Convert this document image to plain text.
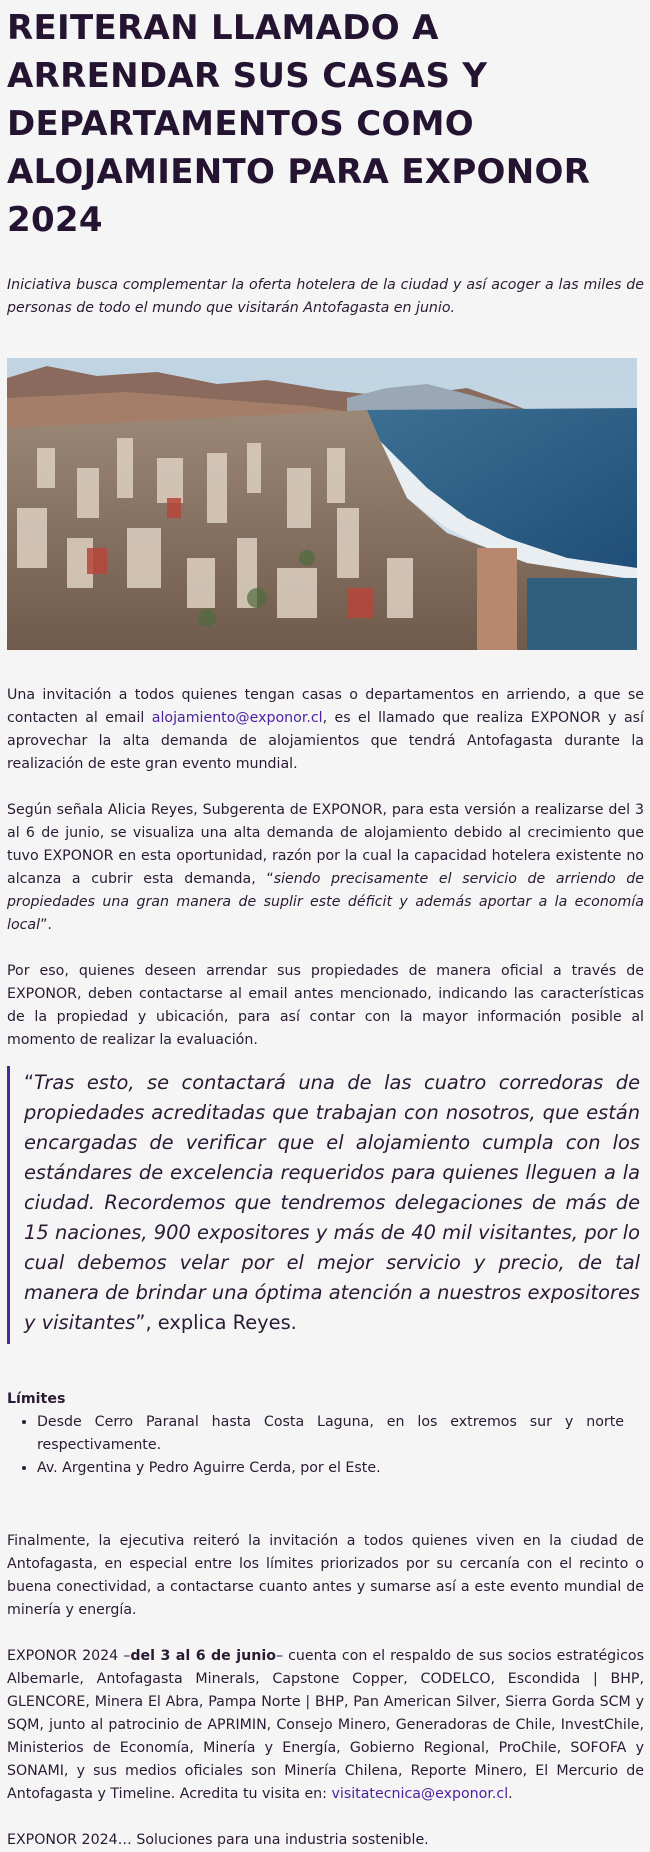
REITERAN LLAMADO A ARRENDAR SUS CASAS Y DEPARTAMENTOS COMO ALOJAMIENTO PARA EXPONOR 2024

Iniciativa busca complementar la oferta hotelera de la ciudad y así acoger a las miles de personas de todo el mundo que visitarán Antofagasta en junio.

Una invitación a todos quienes tengan casas o departamentos en arriendo, a que se contacten al email alojamiento@exponor.cl, es el llamado que realiza EXPONOR y así aprovechar la alta demanda de alojamientos que tendrá Antofagasta durante la realización de este gran evento mundial.

Según señala Alicia Reyes, Subgerenta de EXPONOR, para esta versión a realizarse del 3 al 6 de junio, se visualiza una alta demanda de alojamiento debido al crecimiento que tuvo EXPONOR en esta oportunidad, razón por la cual la capacidad hotelera existente no alcanza a cubrir esta demanda, “siendo precisamente el servicio de arriendo de propiedades una gran manera de suplir este déficit y además aportar a la economía local”.

Por eso, quienes deseen arrendar sus propiedades de manera oficial a través de EXPONOR, deben contactarse al email antes mencionado, indicando las características de la propiedad y ubicación, para así contar con la mayor información posible al momento de realizar la evaluación.

“Tras esto, se contactará una de las cuatro corredoras de propiedades acreditadas que trabajan con nosotros, que están encargadas de verificar que el alojamiento cumpla con los estándares de excelencia requeridos para quienes lleguen a la ciudad. Recordemos que tendremos delegaciones de más de 15 naciones, 900 expositores y más de 40 mil visitantes, por lo cual debemos velar por el mejor servicio y precio, de tal manera de brindar una óptima atención a nuestros expositores y visitantes”, explica Reyes.
Límites
• Desde Cerro Paranal hasta Costa Laguna, en los extremos sur y norte respectivamente.
• Av. Argentina y Pedro Aguirre Cerda, por el Este.

Finalmente, la ejecutiva reiteró la invitación a todos quienes viven en la ciudad de Antofagasta, en especial entre los límites priorizados por su cercanía con el recinto o buena conectividad, a contactarse cuanto antes y sumarse así a este evento mundial de minería y energía.

EXPONOR 2024 –del 3 al 6 de junio– cuenta con el respaldo de sus socios estratégicos Albemarle, Antofagasta Minerals, Capstone Copper, CODELCO, Escondida | BHP, GLENCORE, Minera El Abra, Pampa Norte | BHP, Pan American Silver, Sierra Gorda SCM y SQM, junto al patrocinio de APRIMIN, Consejo Minero, Generadoras de Chile, InvestChile, Ministerios de Economía, Minería y Energía, Gobierno Regional, ProChile, SOFOFA y SONAMI, y sus medios oficiales son Minería Chilena, Reporte Minero, El Mercurio de Antofagasta y Timeline. Acredita tu visita en: visitatecnica@exponor.cl.

EXPONOR 2024… Soluciones para una industria sostenible.
